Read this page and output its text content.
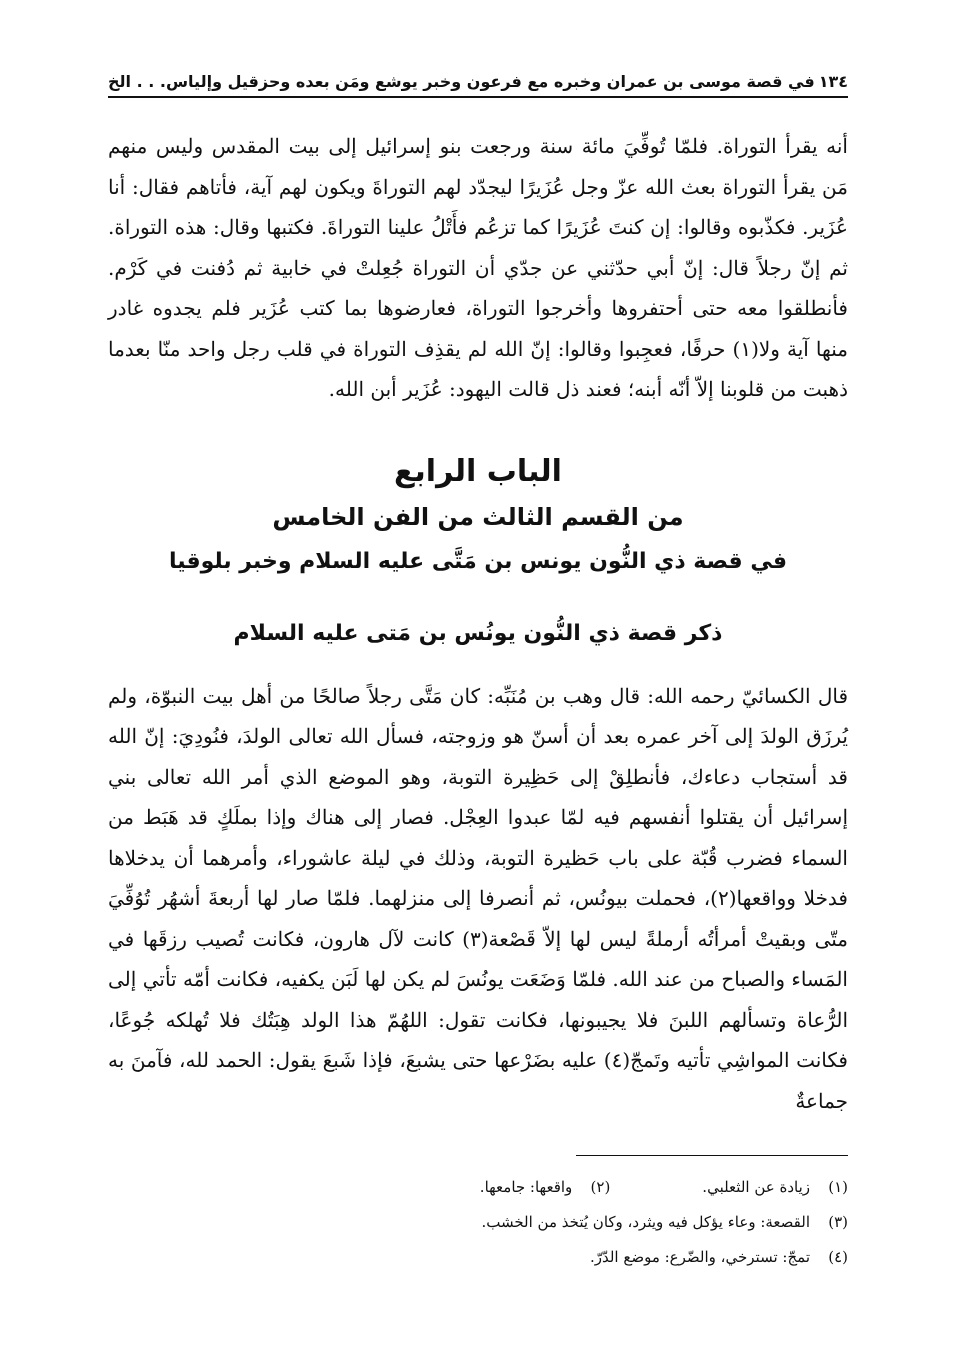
١٣٤
في قصة موسى بن عمران وخبره مع فرعون وخبر يوشع ومَن بعده وحزقيل وإلياس. . . الخ

أنه يقرأ التوراة. فلمّا تُوفِّيَ مائة سنة ورجعت بنو إسرائيل إلى بيت المقدس وليس منهم مَن يقرأ التوراة بعث الله عزّ وجل عُزَيرًا ليجدّد لهم التوراةَ ويكون لهم آية، فأتاهم فقال: أنا عُزَير. فكذّبوه وقالوا: إن كنتَ عُزَيرًا كما تزعُم فأَتْلُ علينا التوراةَ. فكتبها وقال: هذه التوراة. ثم إنّ رجلاً قال: إنّ أبي حدّثني عن جدّي أن التوراة جُعِلتْ في خابية ثم دُفنت في كَرْم. فأنطلقوا معه حتى أحتفروها وأخرجوا التوراة، فعارضوها بما كتب عُزَير فلم يجدوه غادر منها آية ولا(١) حرفًا، فعجِبوا وقالوا: إنّ الله لم يقذِف التوراة في قلب رجل واحد منّا بعدما ذهبت من قلوبنا إلاّ أنّه أبنه؛ فعند ذل قالت اليهود: عُزَير أبن الله.

الباب الرابع
من القسم الثالث من الفن الخامس
في قصة ذي النُّون يونس بن مَتَّى عليه السلام وخبر بلوقيا
ذكر قصة ذي النُّون يونُس بن مَتى عليه السلام

قال الكسائيّ رحمه الله: قال وهب بن مُنَبِّه: كان مَتَّى رجلاً صالحًا من أهل بيت النبوّة، ولم يُرزَق الولدَ إلى آخر عمره بعد أن أسنّ هو وزوجته، فسأل الله تعالى الولدَ، فنُودِيَ: إنّ الله قد أستجاب دعاءك، فأنطلِقْ إلى حَظِيرة التوبة، وهو الموضع الذي أمر الله تعالى بني إسرائيل أن يقتلوا أنفسهم فيه لمّا عبدوا العِجْل. فصار إلى هناك وإذا بملَكٍ قد هَبَط من السماء فضرب قُبّة على باب حَظيرة التوبة، وذلك في ليلة عاشوراء، وأمرهما أن يدخلاها فدخلا وواقعها(٢)، فحملت بيونُس، ثم أنصرفا إلى منزلهما. فلمّا صار لها أربعةَ أشهُر تُوُفِّيَ متّى وبقيتْ أمرأتُه أرملةً ليس لها إلاّ قَصْعة(٣) كانت لآل هارون، فكانت تُصيب رزقَها في المَساء والصباح من عند الله. فلمّا وَضَعَت يونُسَ لم يكن لها لَبَن يكفيه، فكانت أمّه تأتي إلى الرُّعاة وتسألهم اللبنَ فلا يجيبونها، فكانت تقول: اللهُمّ هذا الولد هِبَتُك فلا تُهلكه جُوعًا، فكانت المواشِي تأتيه وتَمجّ(٤) عليه بضَرْعها حتى يشبعَ، فإذا شَبعَ يقول: الحمد لله، فآمنَ به جماعةٌ

(١)زيادة عن الثعلبي.(٢)واقعها: جامعها.
(٣)القصعة: وعاء يؤكل فيه ويثرد، وكان يُتخذ من الخشب.
(٤)تمجّ: تسترخي، والضّرع: موضع الدّرّ.
